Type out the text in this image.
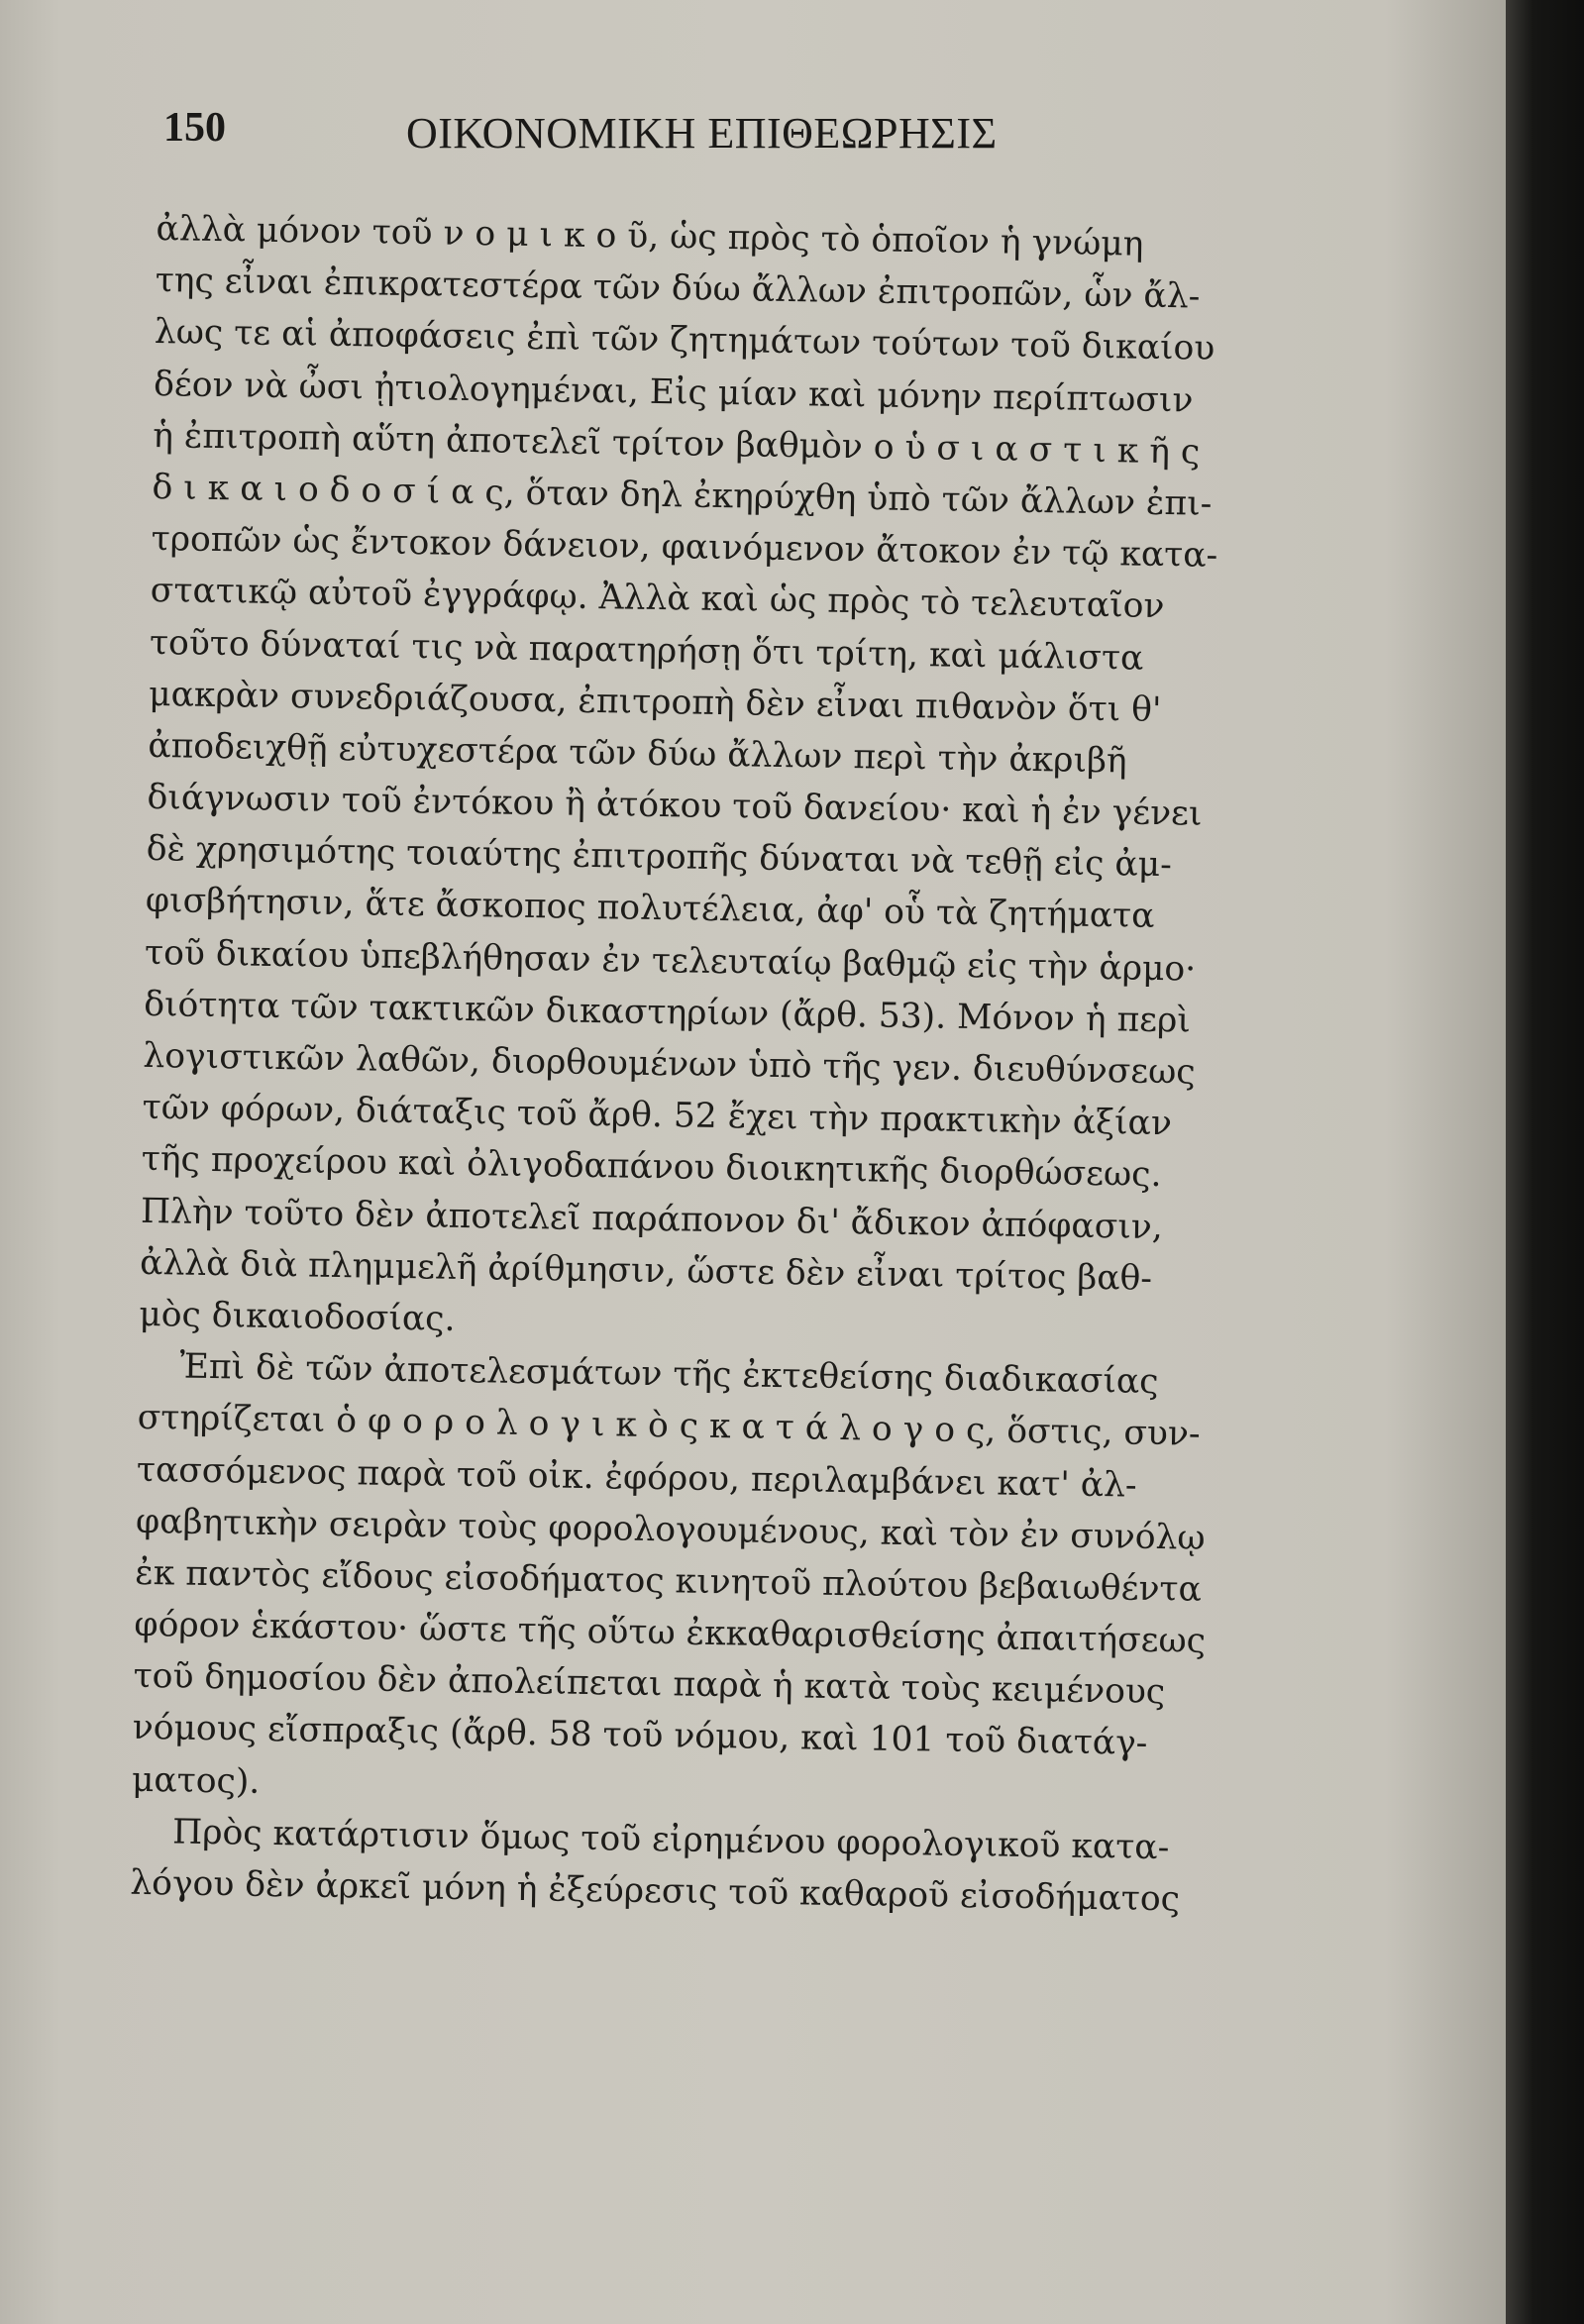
150	ΟΙΚΟΝΟΜΙΚΗ ΕΠΙΘΕΩΡΗΣΙΣ
ἀλλὰ μόνον τοῦ ν ο μ ι κ ο ῦ, ὡς πρὸς τὸ ὁποῖον ἡ γνώμη
της εἶναι ἐπικρατεστέρα τῶν δύω ἄλλων ἐπιτροπῶν, ὧν ἄλ-
λως τε αἱ ἀποφάσεις ἐπὶ τῶν ζητημάτων τούτων τοῦ δικαίου
δέον νὰ ὦσι ᾐτιολογημέναι, Εἰς μίαν καὶ μόνην περίπτωσιν
ἡ ἐπιτροπὴ αὕτη ἀποτελεῖ τρίτον βαθμὸν ο ὑ σ ι α σ τ ι κ ῆ ς
δ ι κ α ι ο δ ο σ ί α ς, ὅταν δηλ ἐκηρύχθη ὑπὸ τῶν ἄλλων ἐπι-
τροπῶν ὡς ἔντοκον δάνειον, φαινόμενον ἄτοκον ἐν τῷ κατα-
στατικῷ αὐτοῦ ἐγγράφῳ. Ἀλλὰ καὶ ὡς πρὸς τὸ τελευταῖον
τοῦτο δύναταί τις νὰ παρατηρήσῃ ὅτι τρίτη, καὶ μάλιστα
μακρὰν συνεδριάζουσα, ἐπιτροπὴ δὲν εἶναι πιθανὸν ὅτι θ'
ἀποδειχθῇ εὐτυχεστέρα τῶν δύω ἄλλων περὶ τὴν ἀκριβῆ
διάγνωσιν τοῦ ἐντόκου ἢ ἀτόκου τοῦ δανείου· καὶ ἡ ἐν γένει
δὲ χρησιμότης τοιαύτης ἐπιτροπῆς δύναται νὰ τεθῇ εἰς ἀμ-
φισβήτησιν, ἅτε ἄσκοπος πολυτέλεια, ἀφ' οὗ τὰ ζητήματα
τοῦ δικαίου ὑπεβλήθησαν ἐν τελευταίῳ βαθμῷ εἰς τὴν ἁρμο·
διότητα τῶν τακτικῶν δικαστηρίων (ἄρθ. 53). Μόνον ἡ περὶ
λογιστικῶν λαθῶν, διορθουμένων ὑπὸ τῆς γεν. διευθύνσεως
τῶν φόρων, διάταξις τοῦ ἄρθ. 52 ἔχει τὴν πρακτικὴν ἀξίαν
τῆς προχείρου καὶ ὀλιγοδαπάνου διοικητικῆς διορθώσεως.
Πλὴν τοῦτο δὲν ἀποτελεῖ παράπονον δι' ἄδικον ἀπόφασιν,
ἀλλὰ διὰ πλημμελῆ ἀρίθμησιν, ὥστε δὲν εἶναι τρίτος βαθ-
μὸς δικαιοδοσίας.
Ἐπὶ δὲ τῶν ἀποτελεσμάτων τῆς ἐκτεθείσης διαδικασίας
στηρίζεται ὁ φ ο ρ ο λ ο γ ι κ ὸ ς κ α τ ά λ ο γ ο ς, ὅστις, συν-
τασσόμενος παρὰ τοῦ οἰκ. ἐφόρου, περιλαμβάνει κατ' ἀλ-
φαβητικὴν σειρὰν τοὺς φορολογουμένους, καὶ τὸν ἐν συνόλῳ
ἐκ παντὸς εἴδους εἰσοδήματος κινητοῦ πλούτου βεβαιωθέντα
φόρον ἑκάστου· ὥστε τῆς οὕτω ἐκκαθαρισθείσης ἀπαιτήσεως
τοῦ δημοσίου δὲν ἀπολείπεται παρὰ ἡ κατὰ τοὺς κειμένους
νόμους εἴσπραξις (ἄρθ. 58 τοῦ νόμου, καὶ 101 τοῦ διατάγ-
ματος).
Πρὸς κατάρτισιν ὅμως τοῦ εἰρημένου φορολογικοῦ κατα-
λόγου δὲν ἀρκεῖ μόνη ἡ ἐξεύρεσις τοῦ καθαροῦ εἰσοδήματος
